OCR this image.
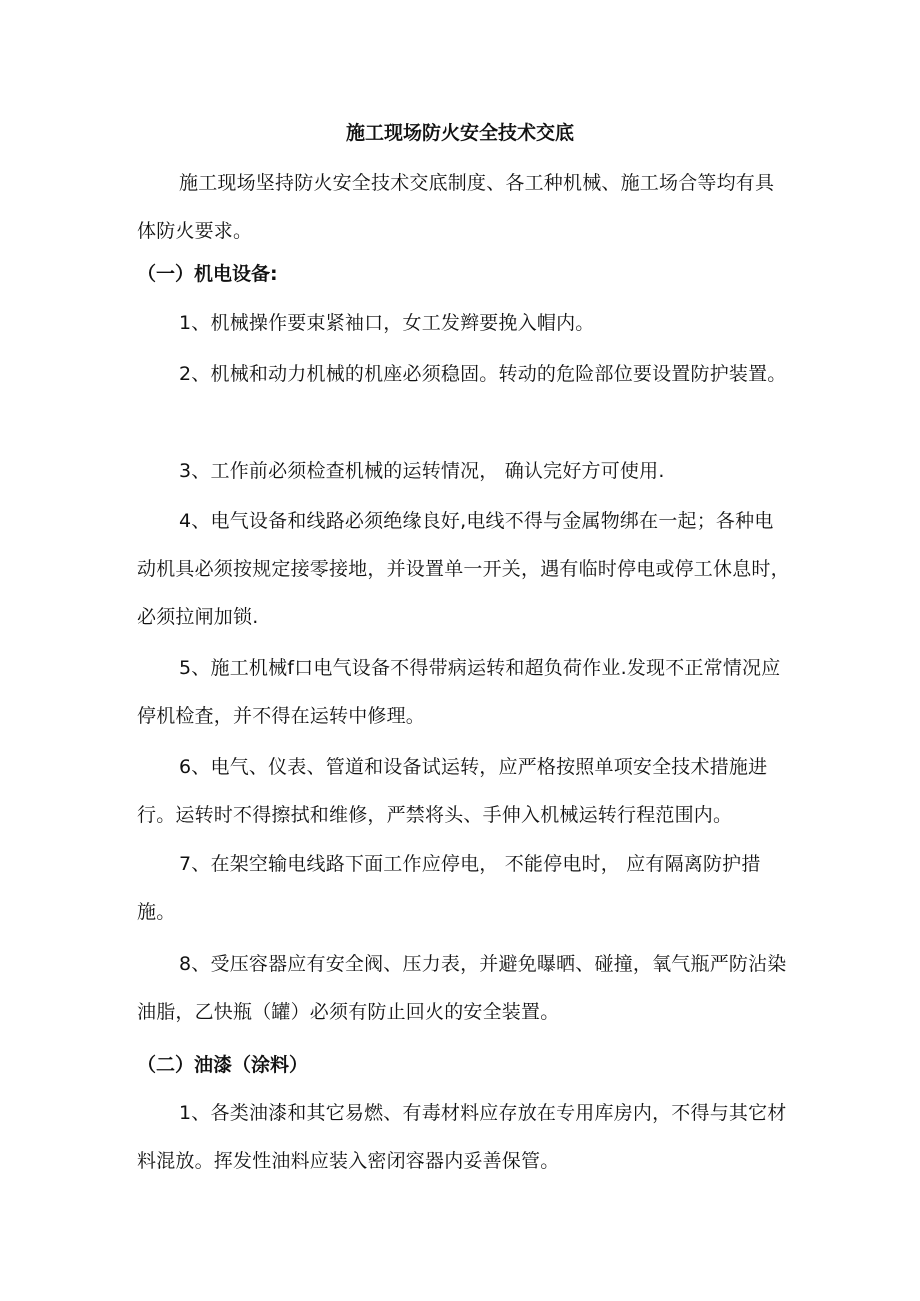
施工现场防火安全技术交底

施工现场坚持防火安全技术交底制度、各工种机械、施工场合等均有具体防火要求。

（一）机电设备:

1、机械操作要束紧袖口，女工发辫要挽入帽内。

2、机械和动力机械的机座必须稳固。转动的危险部位要设置防护装置。

3、工作前必须检查机械的运转情况， 确认完好方可使用.

4、电气设备和线路必须绝缘良好,电线不得与金属物绑在一起；各种电动机具必须按规定接零接地，并设置单一开关，遇有临时停电或停工休息时，必须拉闸加锁.

5、施工机械f口电气设备不得带病运转和超负荷作业.发现不正常情况应停机检査，并不得在运转中修理。

6、电气、仪表、管道和设备试运转，应严格按照单项安全技术措施进行。运转时不得擦拭和维修，严禁将头、手伸入机械运转行程范围内。

7、在架空输电线路下面工作应停电， 不能停电时， 应有隔离防护措施。

8、受压容器应有安全阀、压力表，并避免曝晒、碰撞，氧气瓶严防沾染油脂，乙快瓶（罐）必须有防止回火的安全装置。

（二）油漆（涂料）

1、各类油漆和其它易燃、有毒材料应存放在专用库房内，不得与其它材料混放。挥发性油料应装入密闭容器内妥善保管。
